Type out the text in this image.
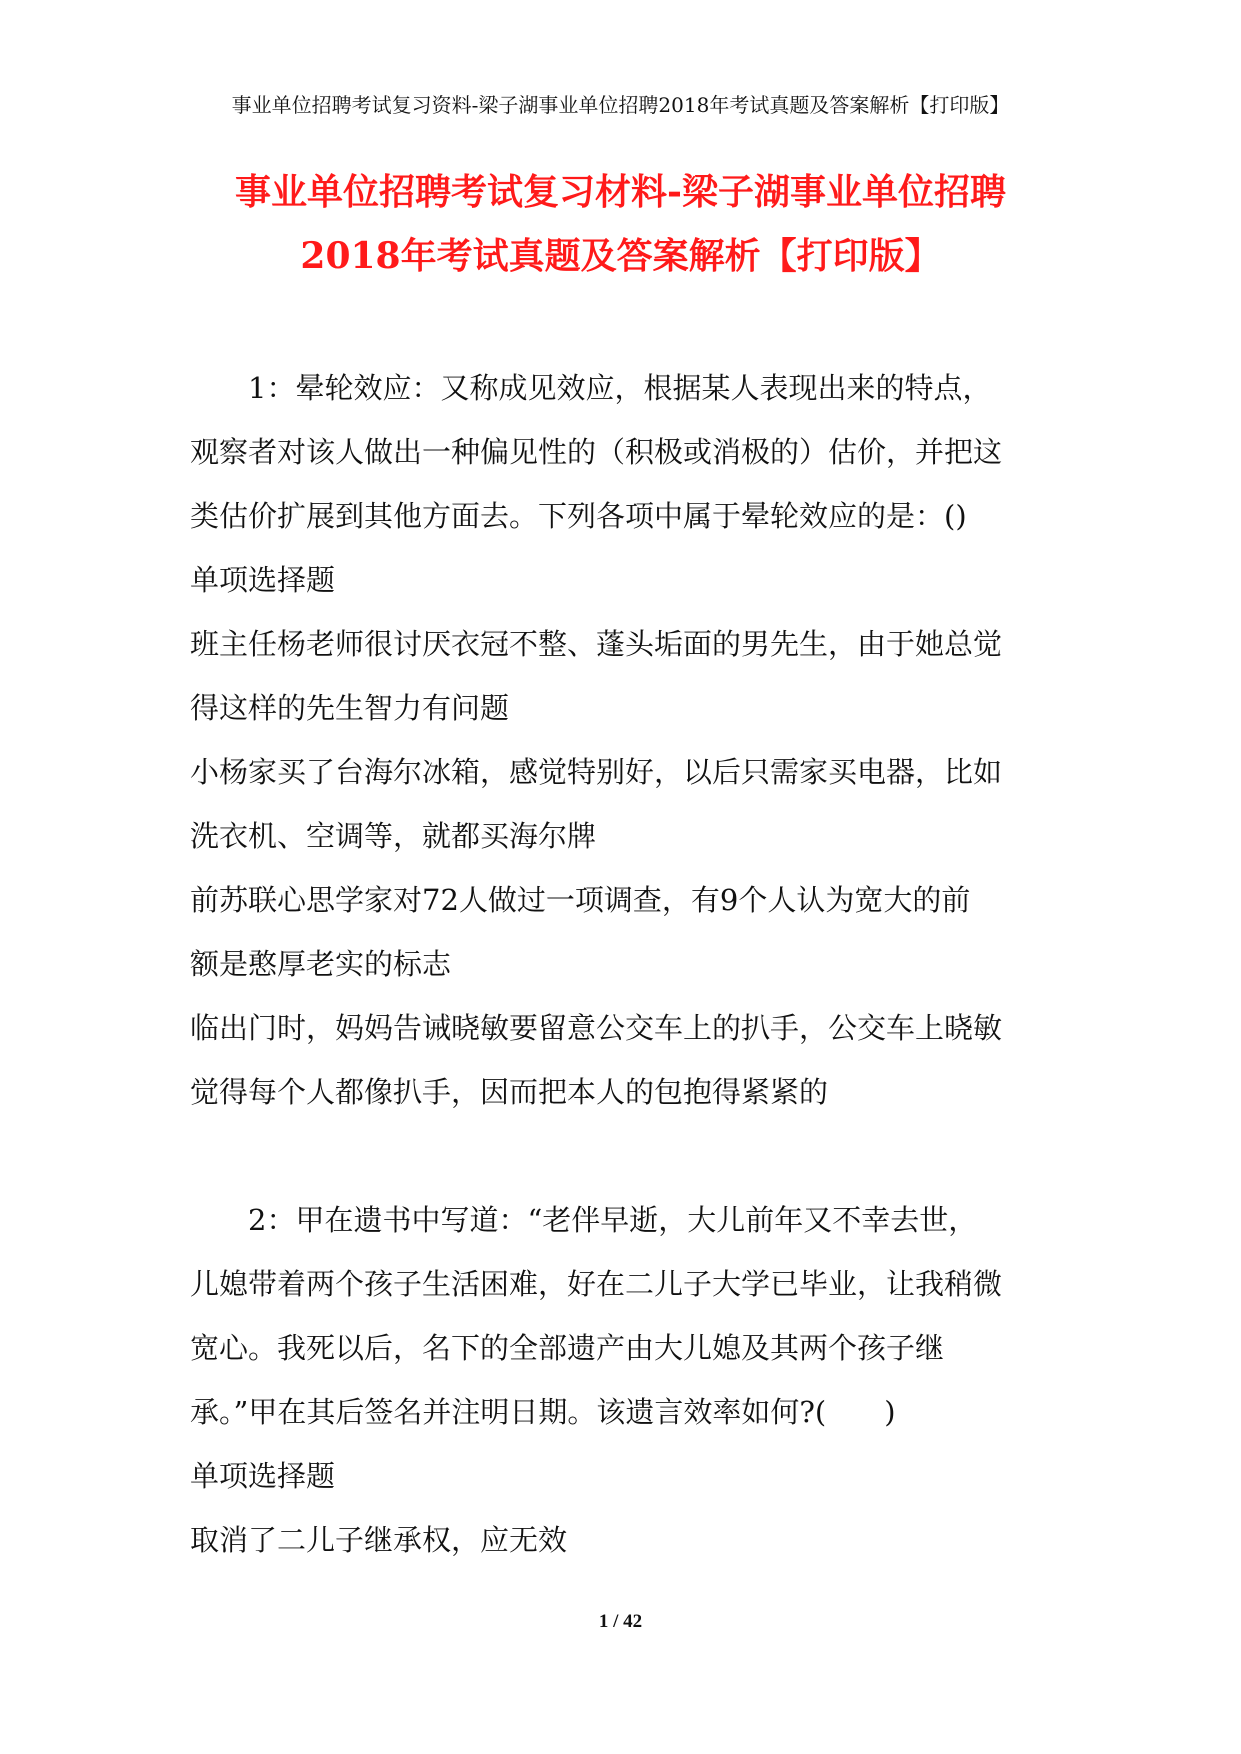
事业单位招聘考试复习资料-梁子湖事业单位招聘2018年考试真题及答案解析【打印版】
事业单位招聘考试复习材料-梁子湖事业单位招聘
2018年考试真题及答案解析【打印版】
1：晕轮效应：又称成见效应，根据某人表现出来的特点，
观察者对该人做出一种偏见性的（积极或消极的）估价，并把这
类估价扩展到其他方面去。下列各项中属于晕轮效应的是：()
单项选择题
班主任杨老师很讨厌衣冠不整、蓬头垢面的男先生，由于她总觉
得这样的先生智力有问题
小杨家买了台海尔冰箱，感觉特别好，以后只需家买电器，比如
洗衣机、空调等，就都买海尔牌
前苏联心思学家对72人做过一项调查，有9个人认为宽大的前
额是憨厚老实的标志
临出门时，妈妈告诫晓敏要留意公交车上的扒手，公交车上晓敏
觉得每个人都像扒手，因而把本人的包抱得紧紧的
2：甲在遗书中写道：“老伴早逝，大儿前年又不幸去世，
儿媳带着两个孩子生活困难，好在二儿子大学已毕业，让我稍微
宽心。我死以后，名下的全部遗产由大儿媳及其两个孩子继
承。”甲在其后签名并注明日期。该遗言效率如何?(　　)
单项选择题
取消了二儿子继承权，应无效
1 / 42
